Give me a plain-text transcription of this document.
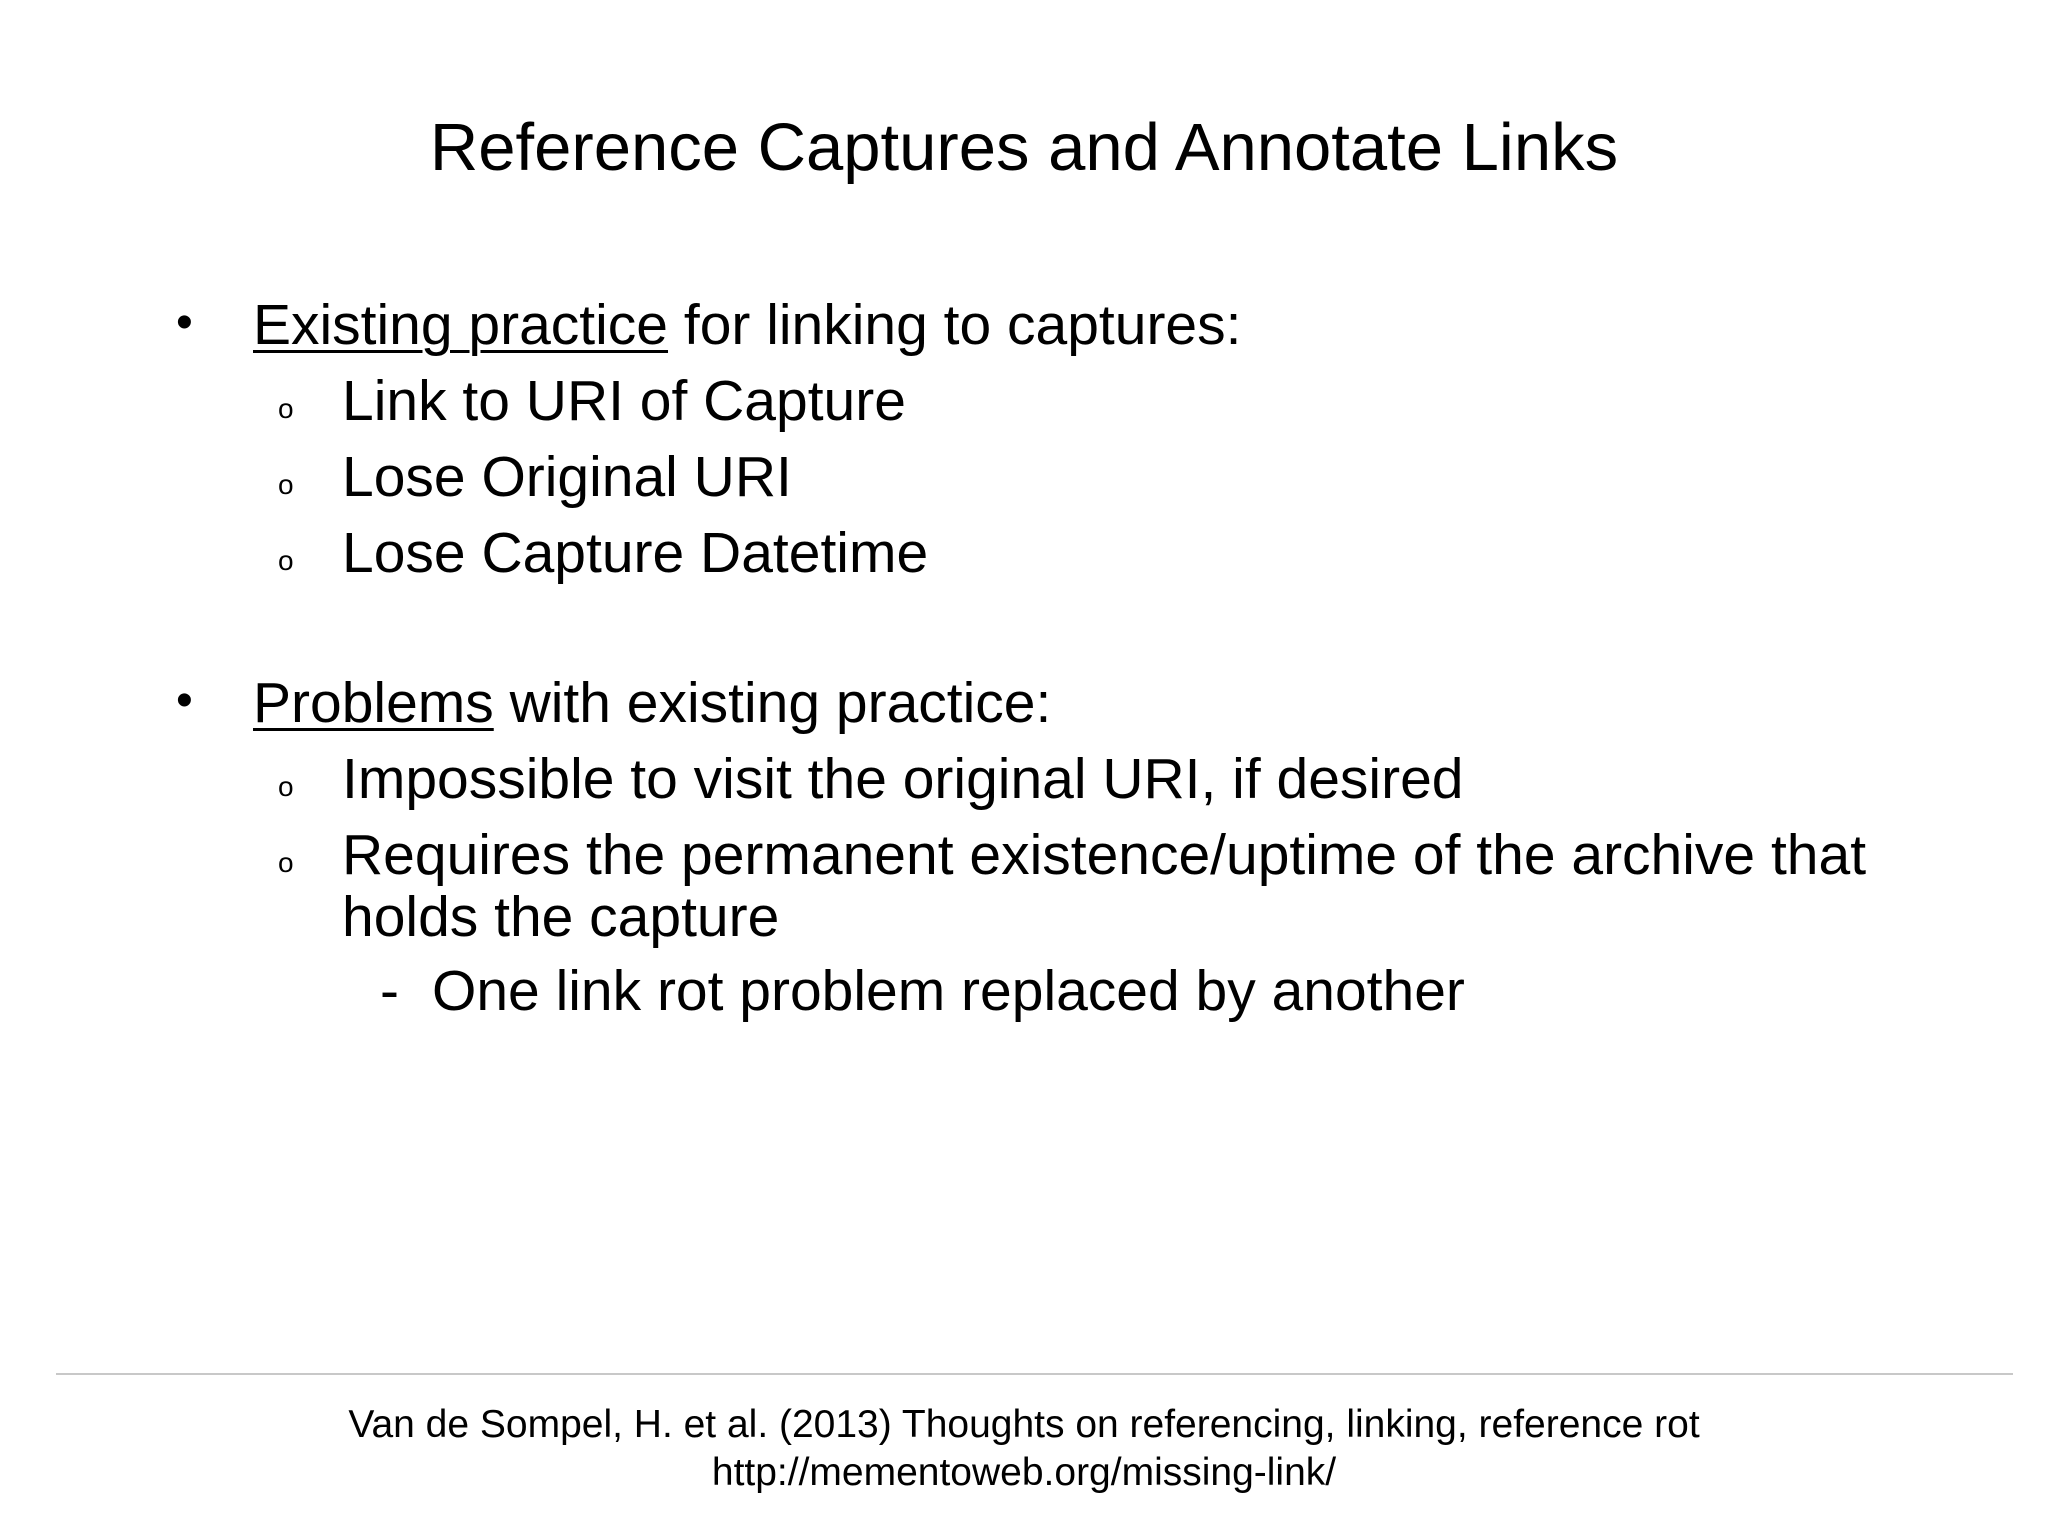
Reference Captures and Annotate Links
• Existing practice for linking to captures:
o Link to URI of Capture
o Lose Original URI
o Lose Capture Datetime
• Problems with existing practice:
o Impossible to visit the original URI, if desired
o Requires the permanent existence/uptime of the archive that
holds the capture
- One link rot problem replaced by another
Van de Sompel, H. et al. (2013) Thoughts on referencing, linking, reference rot
http://mementoweb.org/missing-link/
